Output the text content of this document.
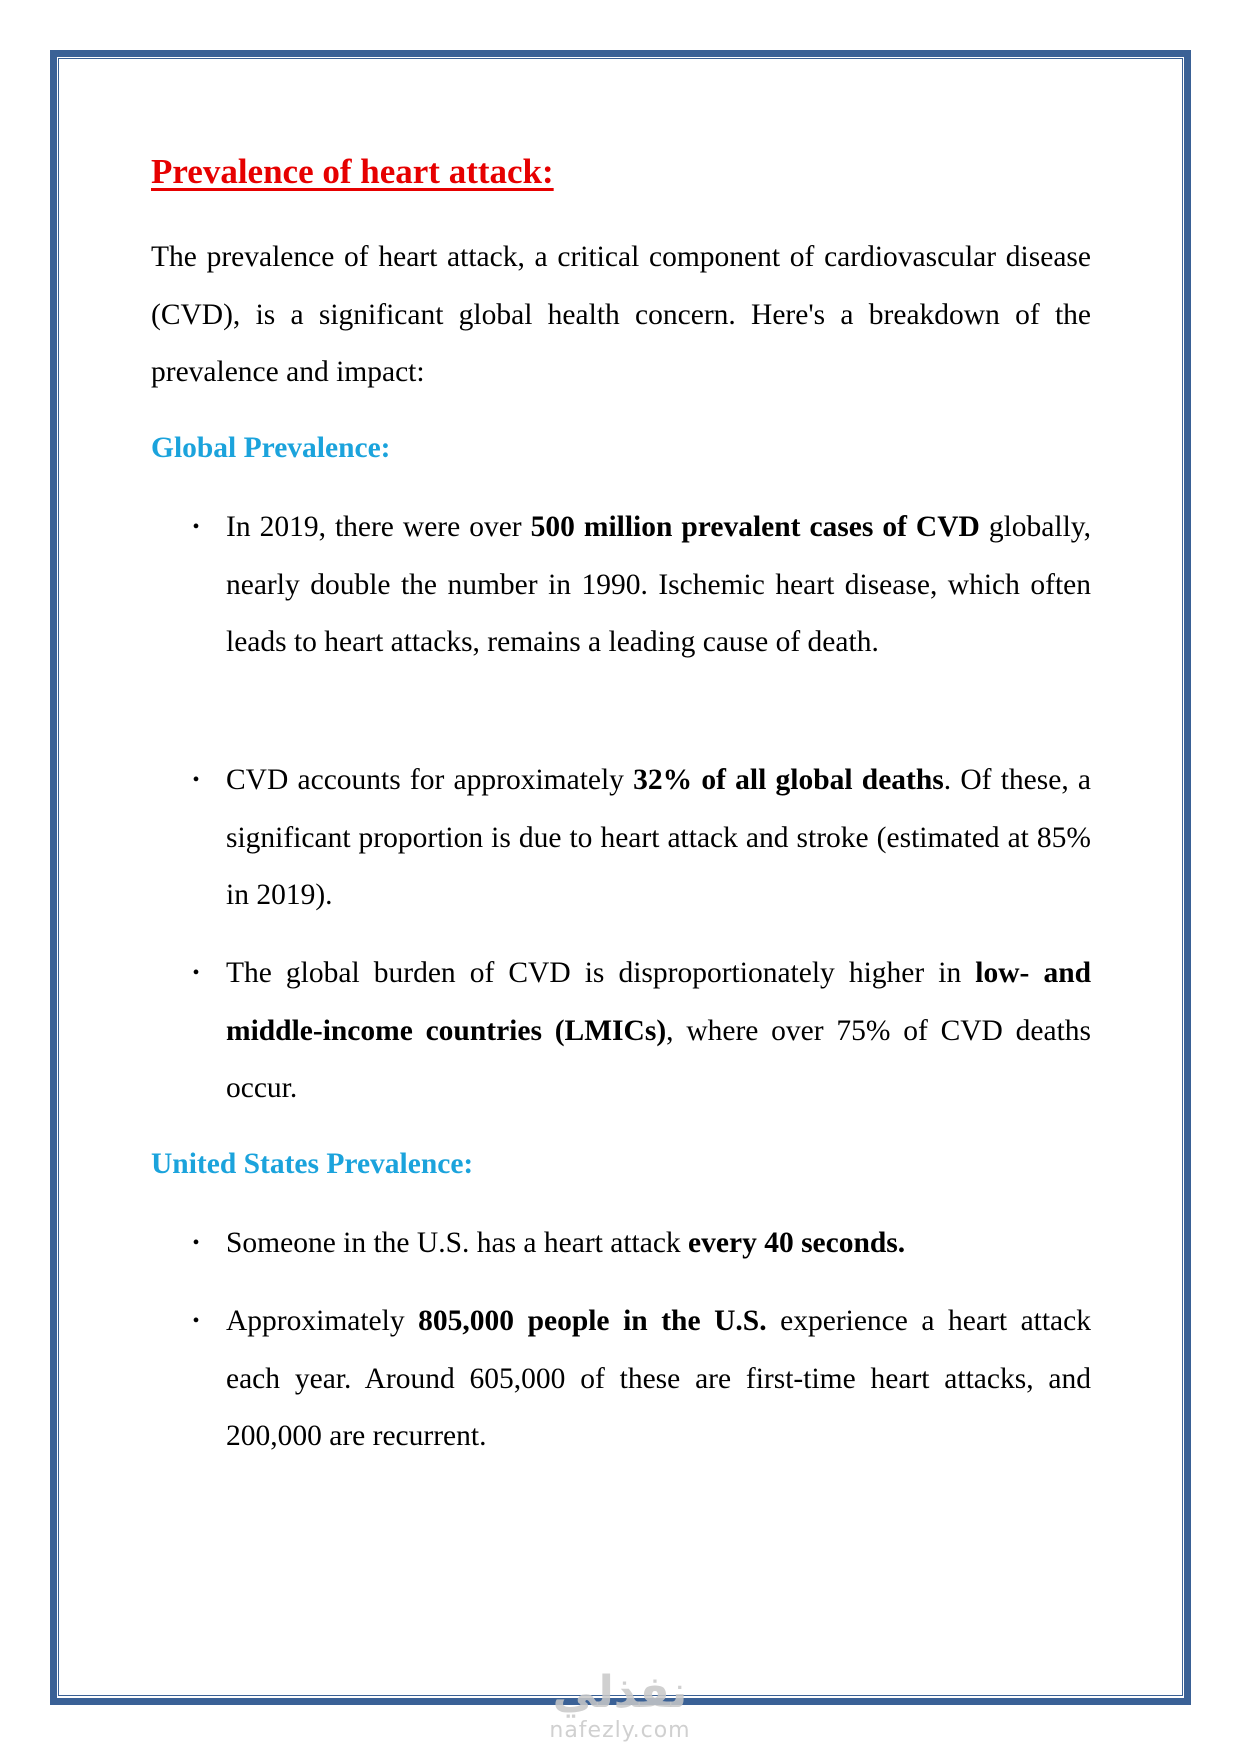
Prevalence of heart attack:

The prevalence of heart attack, a critical component of cardiovascular disease (CVD), is a significant global health concern. Here's a breakdown of the prevalence and impact:

Global Prevalence:

• In 2019, there were over 500 million prevalent cases of CVD globally, nearly double the number in 1990. Ischemic heart disease, which often leads to heart attacks, remains a leading cause of death.

• CVD accounts for approximately 32% of all global deaths. Of these, a significant proportion is due to heart attack and stroke (estimated at 85% in 2019).

• The global burden of CVD is disproportionately higher in low- and middle-income countries (LMICs), where over 75% of CVD deaths occur.

United States Prevalence:

• Someone in the U.S. has a heart attack every 40 seconds.

• Approximately 805,000 people in the U.S. experience a heart attack each year. Around 605,000 of these are first-time heart attacks, and 200,000 are recurrent.

نفذلي
nafezly.com
